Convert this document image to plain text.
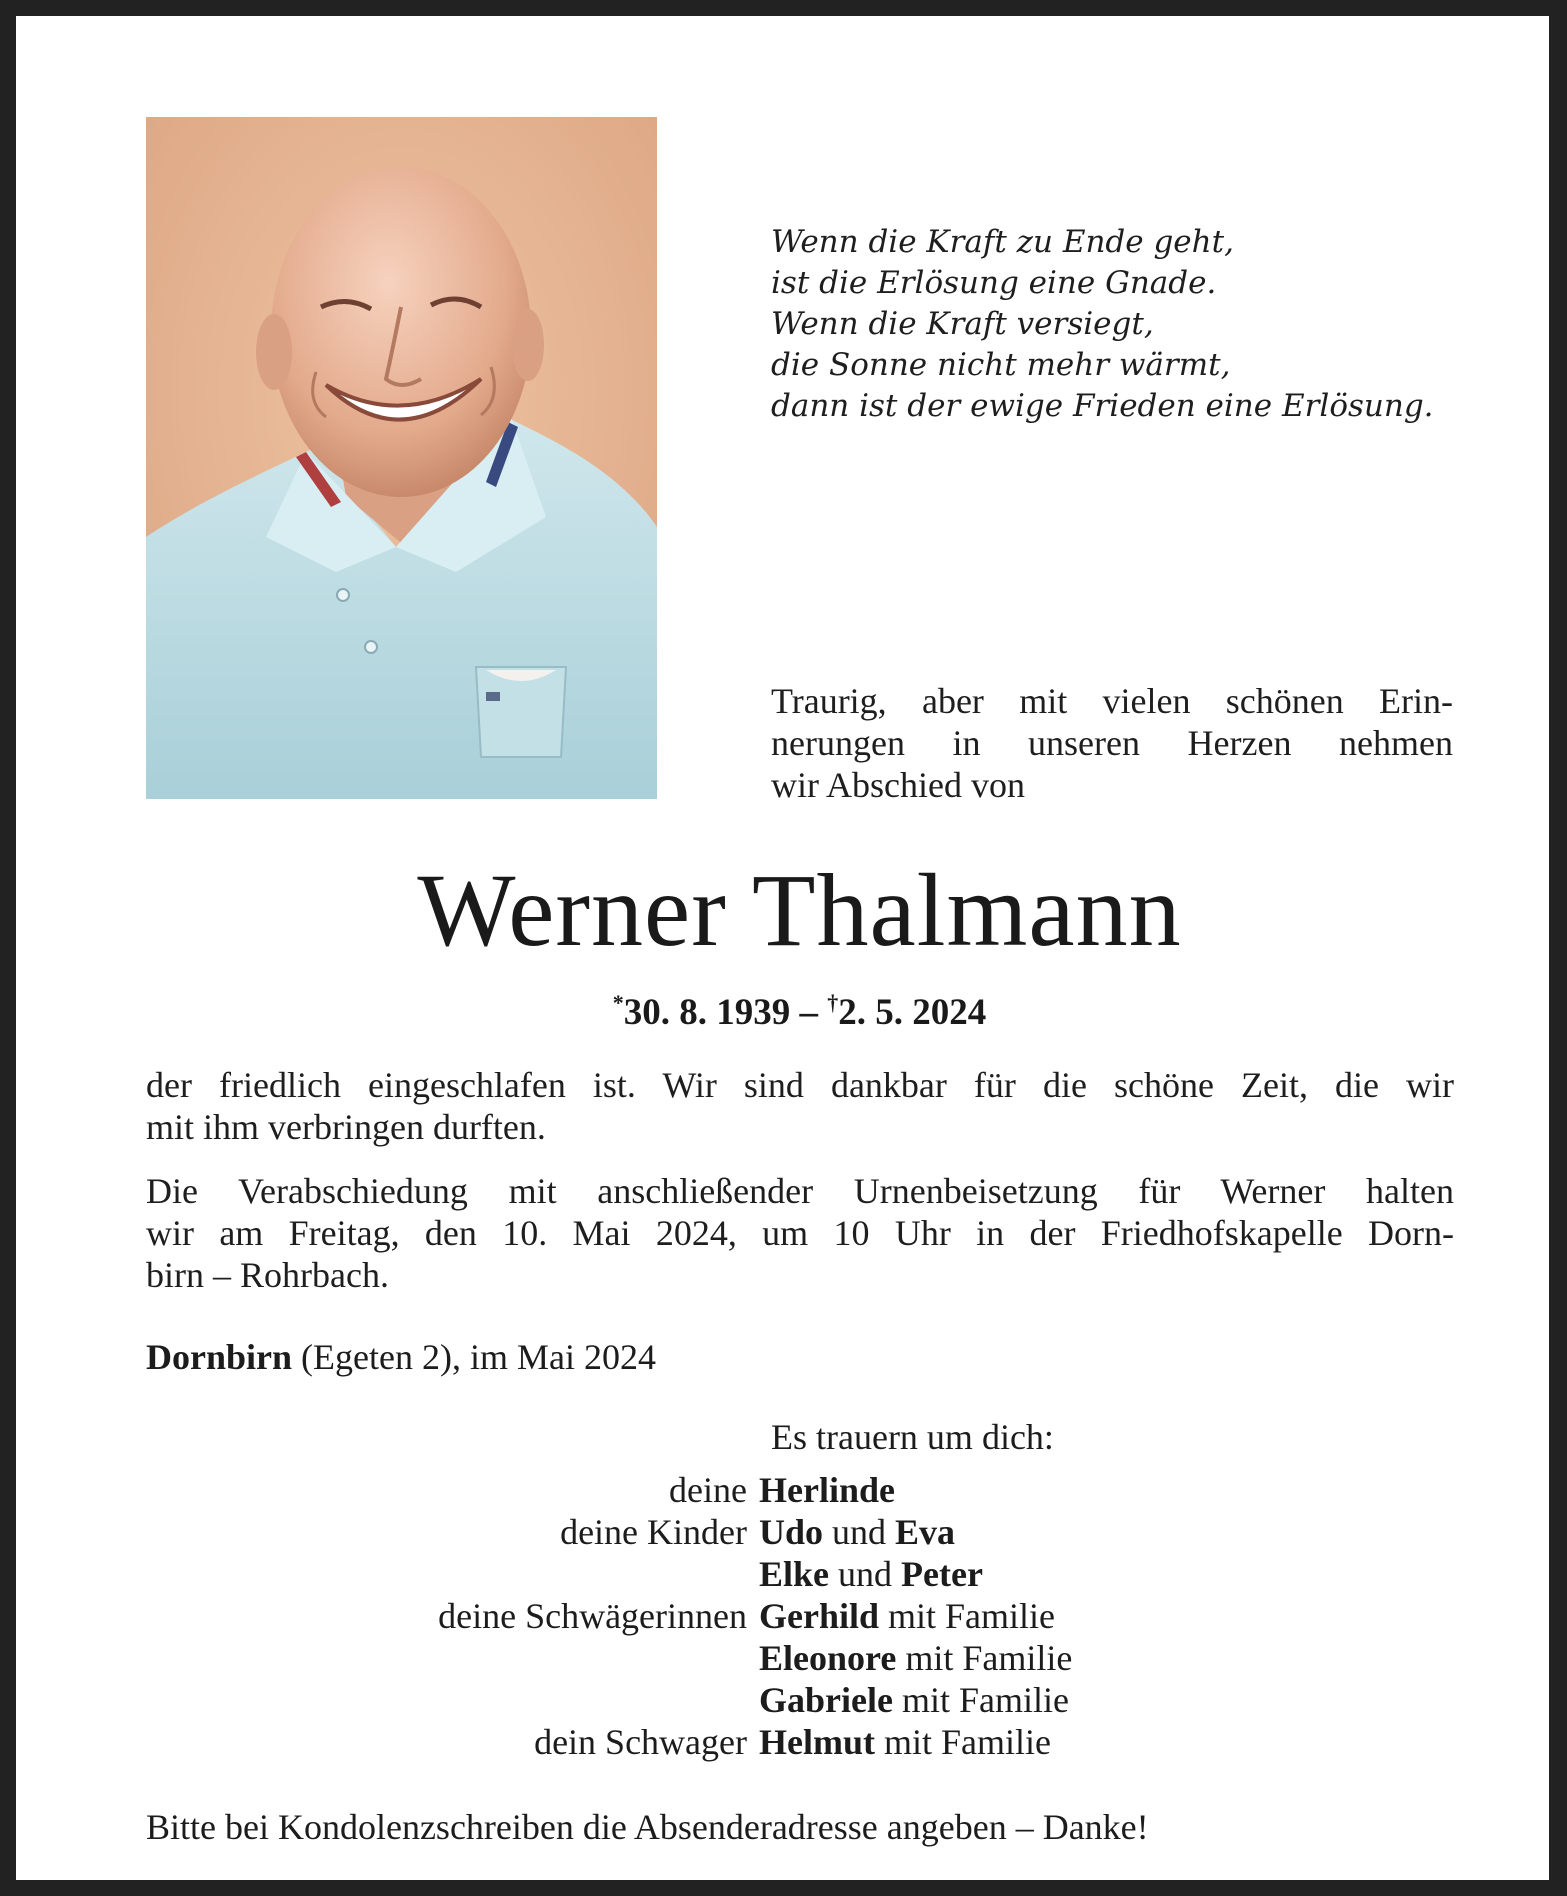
Wenn die Kraft zu Ende geht,
ist die Erlösung eine Gnade.
Wenn die Kraft versiegt,
die Sonne nicht mehr wärmt,
dann ist der ewige Frieden eine Erlösung.
Traurig, aber mit vielen schönen Erin-
nerungen in unseren Herzen nehmen
wir Abschied von
Werner Thalmann
*30. 8. 1939 – †2. 5. 2024
der friedlich eingeschlafen ist. Wir sind dankbar für die schöne Zeit, die wir
mit ihm verbringen durften.
Die Verabschiedung mit anschließender Urnenbeisetzung für Werner halten
wir am Freitag, den 10. Mai 2024, um 10 Uhr in der Friedhofskapelle Dorn-
birn – Rohrbach.
Dornbirn (Egeten 2), im Mai 2024
Es trauern um dich:
deine Herlinde
deine Kinder Udo und Eva
Elke und Peter
deine Schwägerinnen Gerhild mit Familie
Eleonore mit Familie
Gabriele mit Familie
dein Schwager Helmut mit Familie
Bitte bei Kondolenzschreiben die Absenderadresse angeben – Danke!
